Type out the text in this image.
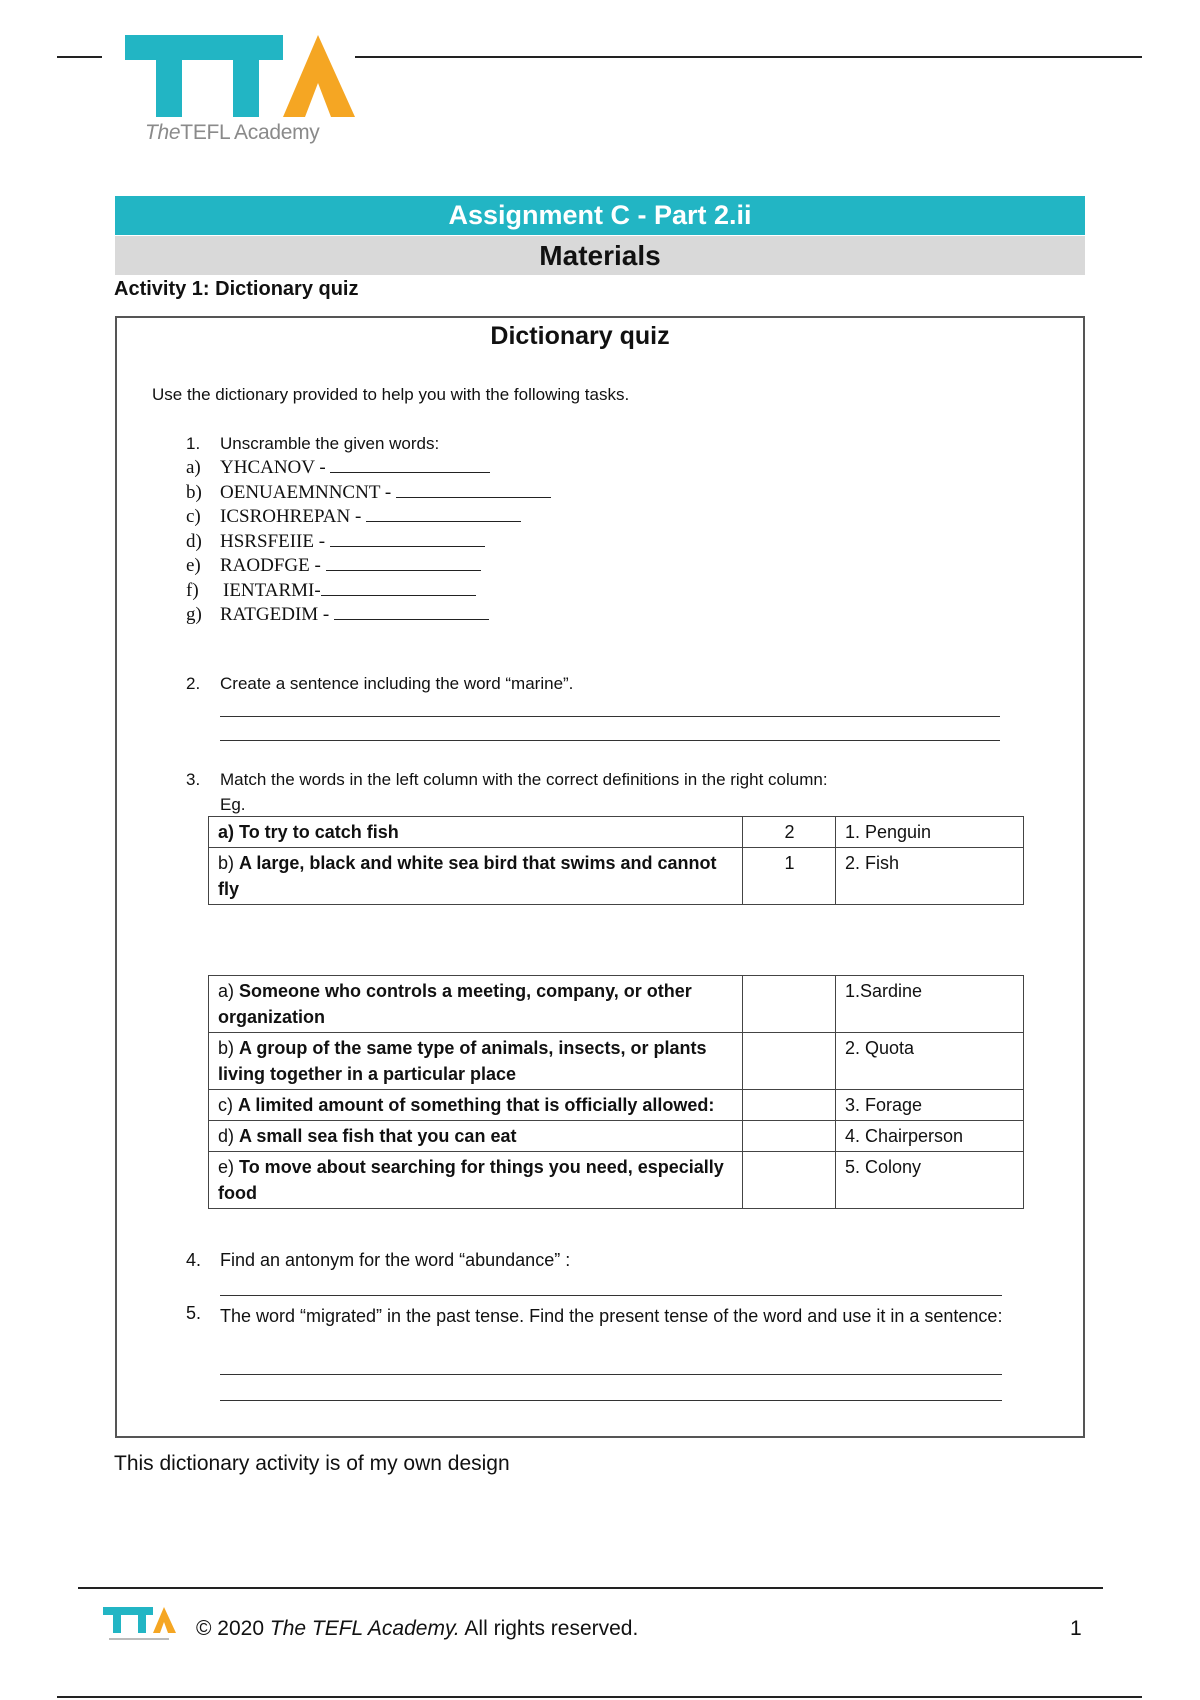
TheTEFL Academy
Assignment C - Part 2.ii
Materials
Activity 1: Dictionary quiz
Dictionary quiz
Use the dictionary provided to help you with the following tasks.
1. Unscramble the given words:
a) YHCANOV -
b) OENUAEMNNCNT -
c) ICSROHREPAN -
d) HSRSFEIIE -
e) RAODFGE -
f) IENTARMI-
g) RATGEDIM -
2. Create a sentence including the word “marine”.
3. Match the words in the left column with the correct definitions in the right column:
Eg.
a) To try to catch fish	2	1. Penguin
b) A large, black and white sea bird that swims and cannot fly	1	2. Fish
a) Someone who controls a meeting, company, or other organization		1.Sardine
b) A group of the same type of animals, insects, or plants living together in a particular place		2. Quota
c) A limited amount of something that is officially allowed:		3. Forage
d) A small sea fish that you can eat		4. Chairperson
e) To move about searching for things you need, especially food		5. Colony
4. Find an antonym for the word “abundance” :
5. The word “migrated” in the past tense. Find the present tense of the word and use it in a sentence:
This dictionary activity is of my own design
© 2020 The TEFL Academy. All rights reserved.	1
